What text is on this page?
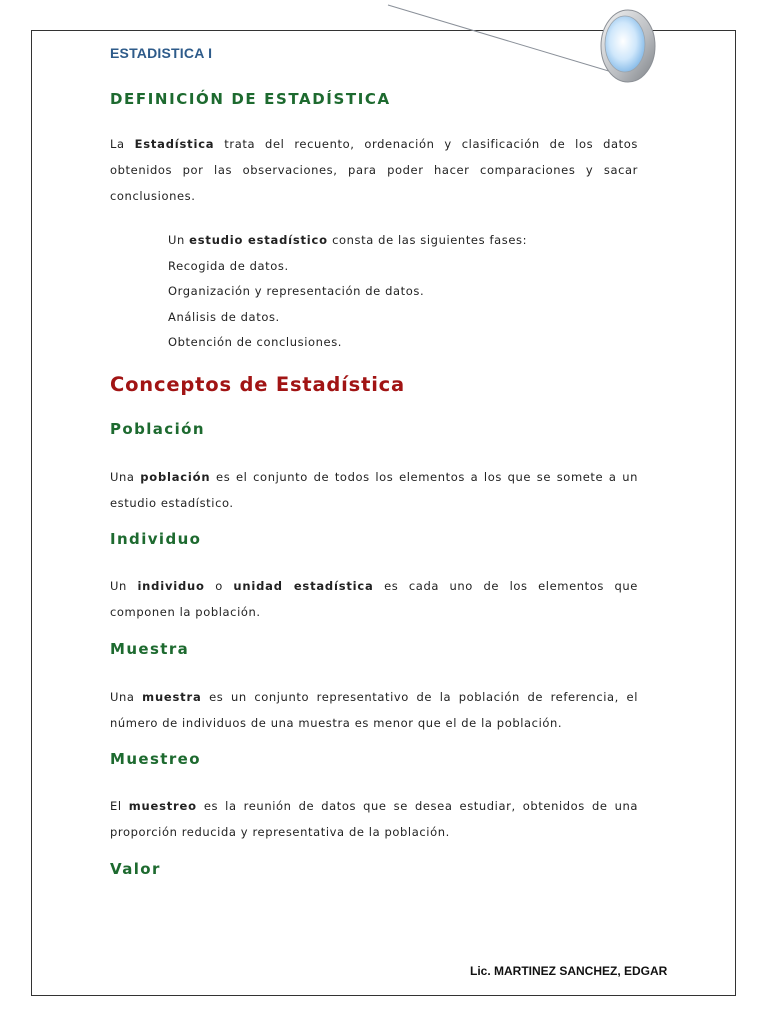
ESTADISTICA I
DEFINICIÓN DE ESTADÍSTICA
La Estadística trata del recuento, ordenación y clasificación de los datos obtenidos por las observaciones, para poder hacer comparaciones y sacar conclusiones.
Un estudio estadístico consta de las siguientes fases:
Recogida de datos.
Organización y representación de datos.
Análisis de datos.
Obtención de conclusiones.
Conceptos de Estadística
Población
Una población es el conjunto de todos los elementos a los que se somete a un estudio estadístico.
Individuo
Un individuo o unidad estadística es cada uno de los elementos que componen la población.
Muestra
Una muestra es un conjunto representativo de la población de referencia, el número de individuos de una muestra es menor que el de la población.
Muestreo
El muestreo es la reunión de datos que se desea estudiar, obtenidos de una proporción reducida y representativa de la población.
Valor
Lic. MARTINEZ SANCHEZ, EDGAR
